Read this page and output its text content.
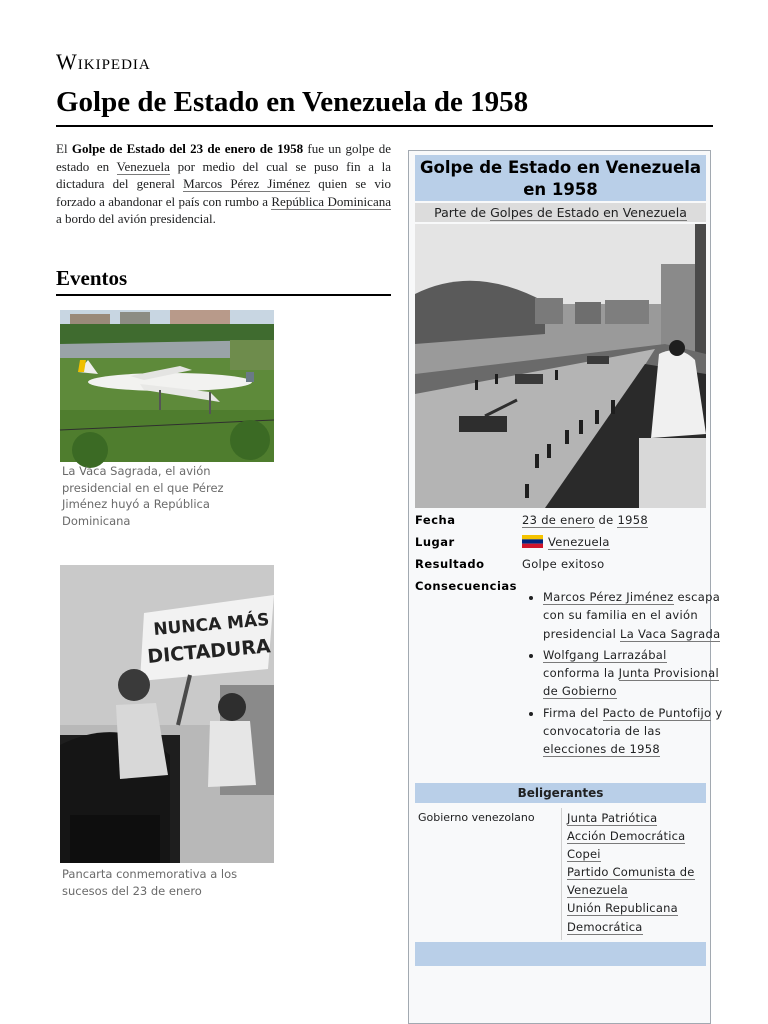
Wikipedia
Golpe de Estado en Venezuela de 1958

El Golpe de Estado del 23 de enero de 1958 fue un golpe de estado en Venezuela por medio del cual se puso fin a la dictadura del general Marcos Pérez Jiménez quien se vio forzado a abandonar el país con rumbo a República Dominicana a bordo del avión presidencial.

Eventos
La Vaca Sagrada, el avión presidencial en el que Pérez Jiménez huyó a República Dominicana
NUNCA MÁS
DICTADURA
Pancarta conmemorativa a los sucesos del 23 de enero
Golpe de Estado en Venezuela en 1958
Parte de Golpes de Estado en Venezuela
Fecha	23 de enero de 1958
Lugar	Venezuela
Resultado	Golpe exitoso
Consecuencias
• Marcos Pérez Jiménez escapa con su familia en el avión presidencial La Vaca Sagrada
• Wolfgang Larrazábal conforma la Junta Provisional de Gobierno
• Firma del Pacto de Puntofijo y convocatoria de las elecciones de 1958
Beligerantes
Gobierno venezolano	Junta Patriótica
Acción Democrática
Copei
Partido Comunista de Venezuela
Unión Republicana Democrática
